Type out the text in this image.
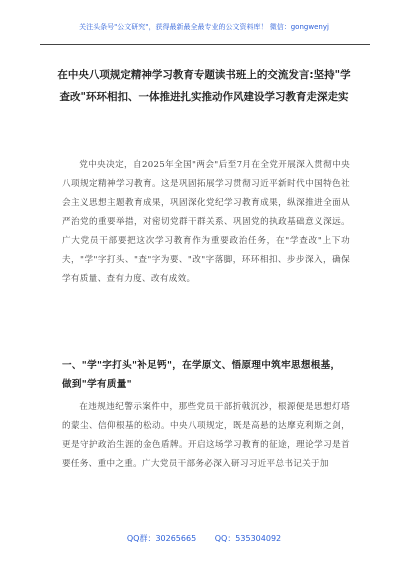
关注头条号"公文研究"，获得最新最全最专业的公文资料库！ 微信：gongwenyj
在中央八项规定精神学习教育专题读书班上的交流发言:坚持"学查改"环环相扣、一体推进扎实推动作风建设学习教育走深走实
党中央决定，自2025年全国"两会"后至7月在全党开展深入贯彻中央八项规定精神学习教育。这是巩固拓展学习贯彻习近平新时代中国特色社会主义思想主题教育成果，巩固深化党纪学习教育成果，纵深推进全面从严治党的重要举措，对密切党群干群关系、巩固党的执政基础意义深远。广大党员干部要把这次学习教育作为重要政治任务，在"学查改"上下功夫，"学"字打头、"查"字为要、"改"字落脚，环环相扣、步步深入，确保学有质量、查有力度、改有成效。
一、"学"字打头"补足钙"，在学原文、悟原理中筑牢思想根基，做到"学有质量"
在违规违纪警示案件中，那些党员干部折戟沉沙，根源便是思想灯塔的蒙尘、信仰根基的松动。中央八项规定，既是高悬的达摩克利斯之剑，更是守护政治生涯的金色盾牌。开启这场学习教育的征途，理论学习是首要任务、重中之重。广大党员干部务必深入研习习近平总书记关于加
QQ群：30265665 QQ：535304092
